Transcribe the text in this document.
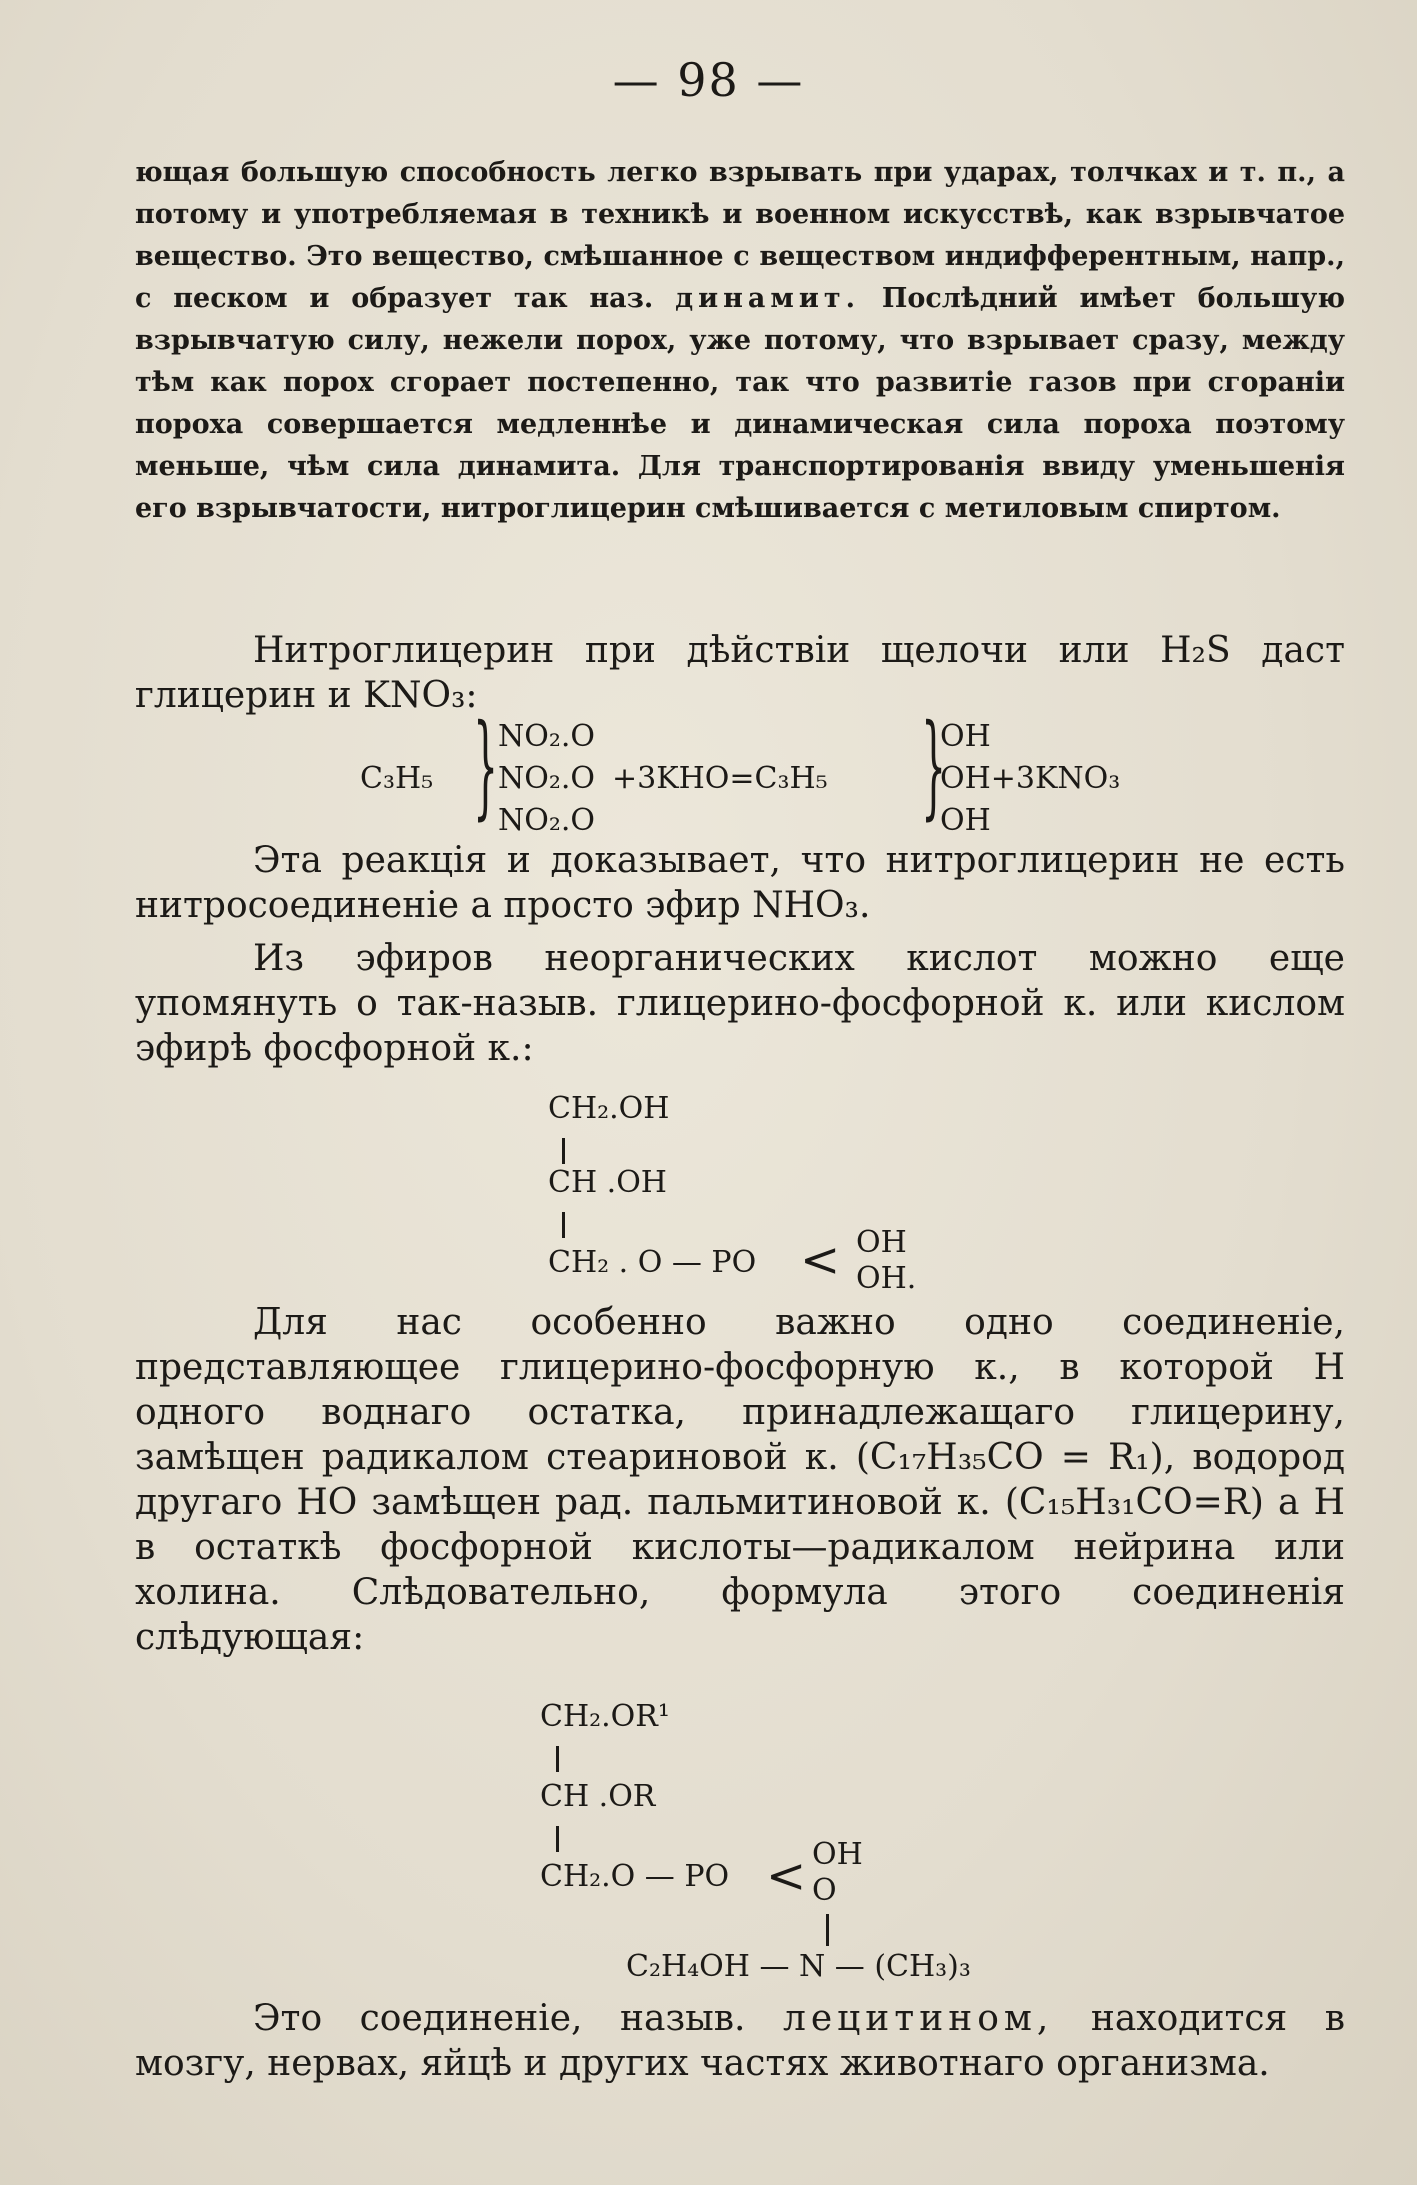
— 98 —

ющая большую способность легко взрывать при ударах, толчках и т. п., а потому и употребляемая в техникѣ и военном искусствѣ, как взрывчатое вещество. Это вещество, смѣшанное с веществом индифферентным, напр., с песком и образует так наз. динамит. Послѣдний имѣет большую взрывчатую силу, нежели порох, уже потому, что взрывает сразу, между тѣм как порох сгорает постепенно, так что развитіе газов при сгораніи пороха совершается медленнѣе и динамическая сила пороха поэтому меньше, чѣм сила динамита. Для транспортированія ввиду уменьшенія его взрывчатости, нитроглицерин смѣшивается с метиловым спиртом.

Нитроглицерин при дѣйствіи щелочи или H₂S даст глицерин и KNO₃:

C₃H₅ } NO₂.O
NO₂.O
NO₂.O
+3KHO=C₃H₅ }
OH
OH+3KNO₃
OH

Эта реакція и доказывает, что нитроглицерин не есть нитросоединеніе а просто эфир NHO₃.

Из эфиров неорганических кислот можно еще упомянуть о так-назыв. глицерино-фосфорной к. или кислом эфирѣ фосфорной к.:

CH₂.OH
CH .OH
CH₂ . O — PO < OH
OH.

Для нас особенно важно одно соединеніе, представляющее глицерино-фосфорную к., в которой H одного воднаго остатка, принадлежащаго глицерину, замѣщен радикалом стеариновой к. (C₁₇H₃₅CO = R₁), водород другаго HO замѣщен рад. пальмитиновой к. (C₁₅H₃₁CO=R) а H в остаткѣ фосфорной кислоты—радикалом нейрина или холина. Слѣдовательно, формула этого соединенія слѣдующая:

CH₂.OR¹
CH .OR
CH₂.O — PO < OH
O
C₂H₄OH — N — (CH₃)₃

Это соединеніе, назыв. лецитином, находится в мозгу, нервах, яйцѣ и других частях животнаго организма.
